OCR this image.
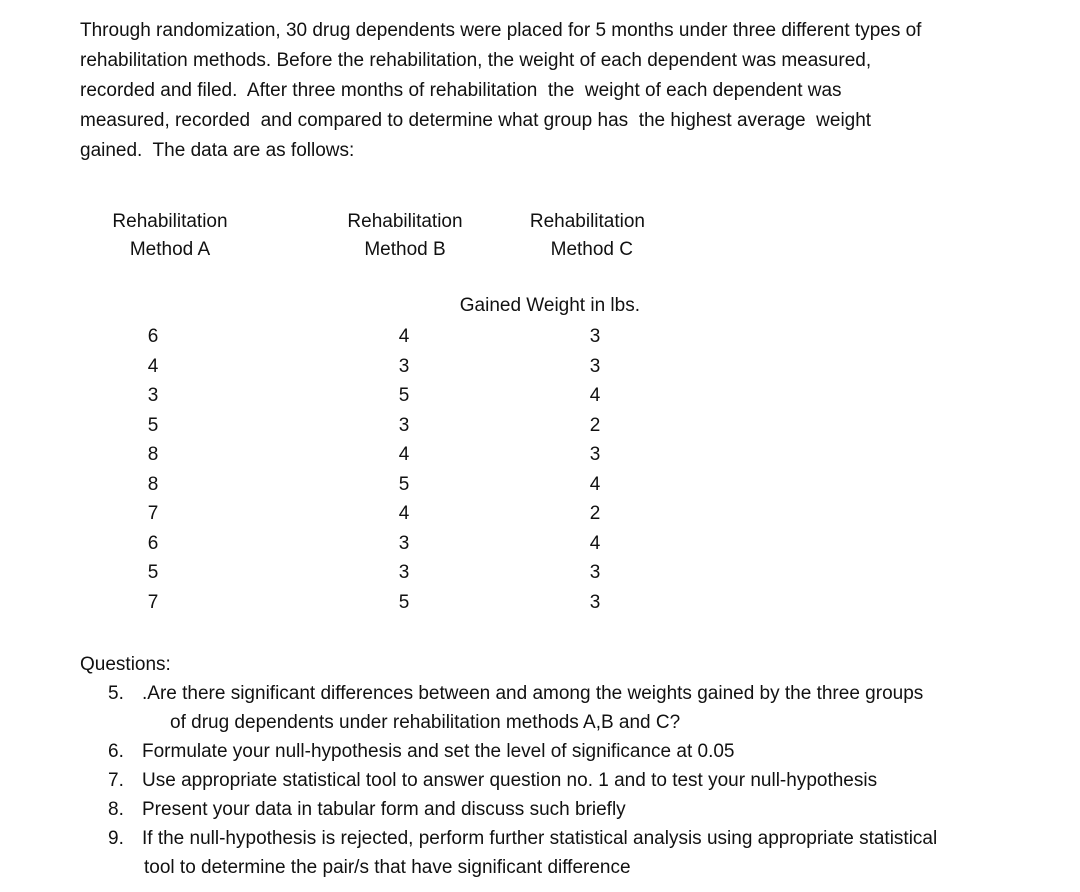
Through randomization, 30 drug dependents were placed for 5 months under three different types of
rehabilitation methods. Before the rehabilitation, the weight of each dependent was measured,
recorded and filed.  After three months of rehabilitation  the  weight of each dependent was
measured, recorded  and compared to determine what group has  the highest average  weight
gained.  The data are as follows:
Rehabilitation
Method A
Rehabilitation
Method B
Rehabilitation
Method C
Gained Weight in lbs.
6
4
3
5
8
8
7
6
5
7
4
3
5
3
4
5
4
3
3
5
3
3
4
2
3
4
2
4
3
3
Questions:
5. .Are there significant differences between and among the weights gained by the three groups
of drug dependents under rehabilitation methods A,B and C?
6. Formulate your null-hypothesis and set the level of significance at 0.05
7. Use appropriate statistical tool to answer question no. 1 and to test your null-hypothesis
8. Present your data in tabular form and discuss such briefly
9. If the null-hypothesis is rejected, perform further statistical analysis using appropriate statistical
tool to determine the pair/s that have significant difference
